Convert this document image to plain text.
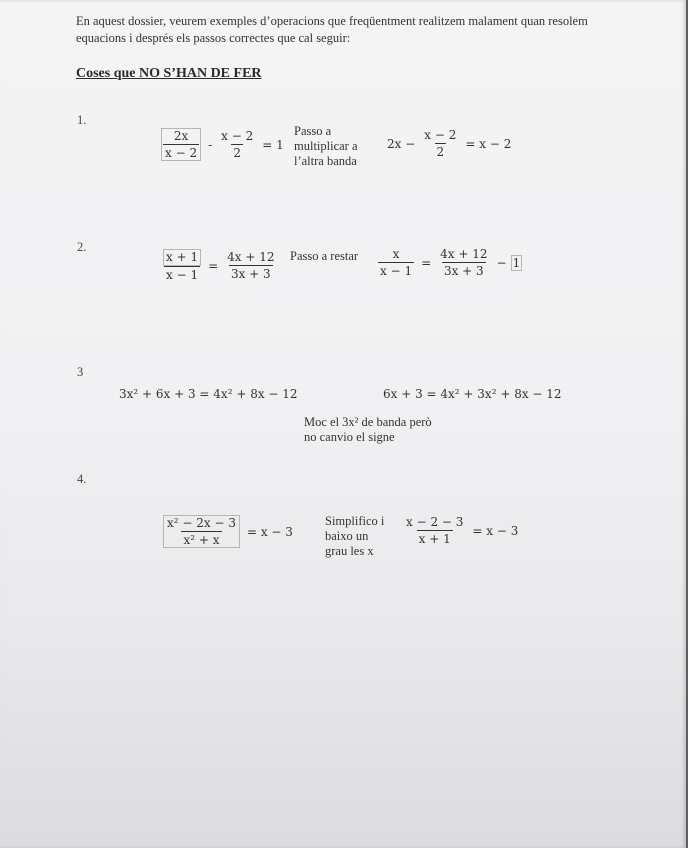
En aquest dossier, veurem exemples d’operacions que freqüentment realitzem malament quan resolem equacions i després els passos correctes que cal seguir:
Coses que NO S’HAN DE FER
1.
$\frac{2x}{x - 2} - \frac{x - 2}{2} = 1$
Passo a
multiplicar a
l’altra banda
$2x - \frac{x - 2}{2} = x - 2$
2.
$\frac{x + 1}{x - 1} = \frac{4x + 12}{3x + 3}$ Passo a restar $\frac{x}{x - 1} = \frac{4x + 12}{3x + 3} - 1$
3
3x² + 6x + 3 = 4x² + 8x − 12	6x + 3 = 4x² + 3x² + 8x − 12
Moc el 3x² de banda però
no canvio el signe
4.
$\frac{\text{x² − 2x − 3}}{\text{x² + x}} = x - 3$
Simplifico i
baixo un
grau les x
$\frac{x - 2 - 3}{x + 1} = x - 3$
